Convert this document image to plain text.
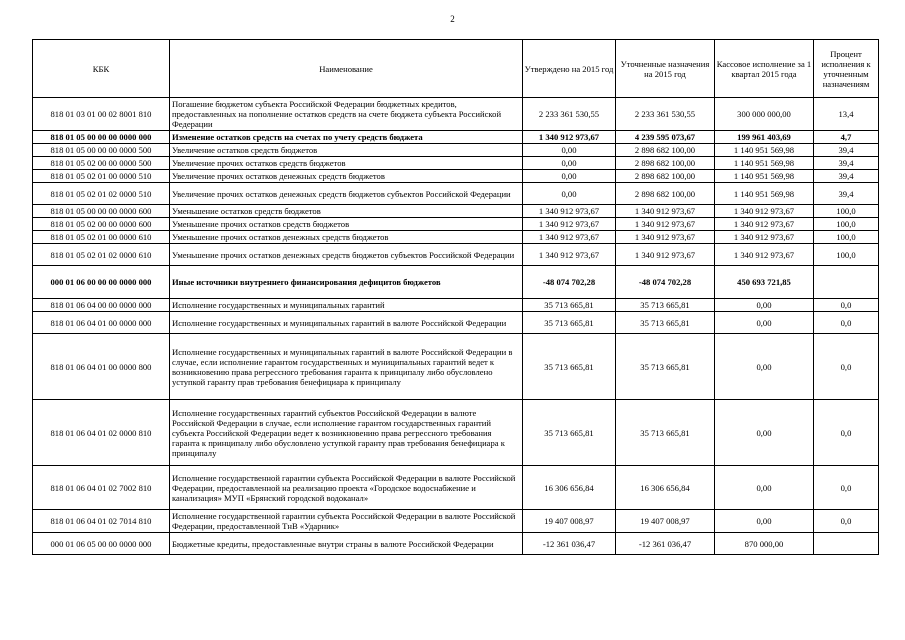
2
КБК	Наименование	Утверждено на 2015 год	Уточненные назначения на 2015 год	Кассовое исполнение за 1 квартал 2015 года	Процент исполнения к уточненным назначениям
818 01 03 01 00 02 8001 810	Погашение бюджетом субъекта Российской Федерации бюджетных кредитов, предоставленных на пополнение остатков средств на счете бюджета субъекта Российской Федерации	2 233 361 530,55	2 233 361 530,55	300 000 000,00	13,4
818 01 05 00 00 00 0000 000	Изменение остатков средств на счетах по учету средств бюджета	1 340 912 973,67	4 239 595 073,67	199 961 403,69	4,7
818 01 05 00 00 00 0000 500	Увеличение остатков средств бюджетов	0,00	2 898 682 100,00	1 140 951 569,98	39,4
818 01 05 02 00 00 0000 500	Увеличение прочих остатков средств бюджетов	0,00	2 898 682 100,00	1 140 951 569,98	39,4
818 01 05 02 01 00 0000 510	Увеличение прочих остатков денежных средств бюджетов	0,00	2 898 682 100,00	1 140 951 569,98	39,4
818 01 05 02 01 02 0000 510	Увеличение прочих остатков денежных средств бюджетов субъектов Российской Федерации	0,00	2 898 682 100,00	1 140 951 569,98	39,4
818 01 05 00 00 00 0000 600	Уменьшение остатков средств бюджетов	1 340 912 973,67	1 340 912 973,67	1 340 912 973,67	100,0
818 01 05 02 00 00 0000 600	Уменьшение прочих остатков средств бюджетов	1 340 912 973,67	1 340 912 973,67	1 340 912 973,67	100,0
818 01 05 02 01 00 0000 610	Уменьшение прочих остатков денежных средств бюджетов	1 340 912 973,67	1 340 912 973,67	1 340 912 973,67	100,0
818 01 05 02 01 02 0000 610	Уменьшение прочих остатков денежных средств бюджетов субъектов Российской Федерации	1 340 912 973,67	1 340 912 973,67	1 340 912 973,67	100,0
000 01 06 00 00 00 0000 000	Иные источники внутреннего финансирования дефицитов бюджетов	-48 074 702,28	-48 074 702,28	450 693 721,85	
818 01 06 04 00 00 0000 000	Исполнение государственных и муниципальных гарантий	35 713 665,81	35 713 665,81	0,00	0,0
818 01 06 04 01 00 0000 000	Исполнение государственных и муниципальных гарантий в валюте Российской Федерации	35 713 665,81	35 713 665,81	0,00	0,0
818 01 06 04 01 00 0000 800	Исполнение государственных и муниципальных гарантий в валюте Российской Федерации в случае, если исполнение гарантом государственных и муниципальных гарантий ведет к возникновению права регрессного требования гаранта к принципалу либо обусловлено уступкой гаранту прав требования бенефициара к принципалу	35 713 665,81	35 713 665,81	0,00	0,0
818 01 06 04 01 02 0000 810	Исполнение государственных гарантий субъектов Российской Федерации в валюте Российской Федерации в случае, если исполнение гарантом государственных гарантий субъекта Российской Федерации ведет к возникновению права регрессного требования гаранта к принципалу либо обусловлено уступкой гаранту прав требования бенефициара к принципалу	35 713 665,81	35 713 665,81	0,00	0,0
818 01 06 04 01 02 7002 810	Исполнение государственной гарантии субъекта Российской Федерации в валюте Российской Федерации, предоставленной на реализацию проекта «Городское водоснабжение и канализация» МУП «Брянский городской водоканал»	16 306 656,84	16 306 656,84	0,00	0,0
818 01 06 04 01 02 7014 810	Исполнение государственной гарантии субъекта Российской Федерации в валюте Российской Федерации, предоставленной ТнВ «Ударник»	19 407 008,97	19 407 008,97	0,00	0,0
000 01 06 05 00 00 0000 000	Бюджетные кредиты, предоставленные внутри страны в валюте Российской Федерации	-12 361 036,47	-12 361 036,47	870 000,00	
